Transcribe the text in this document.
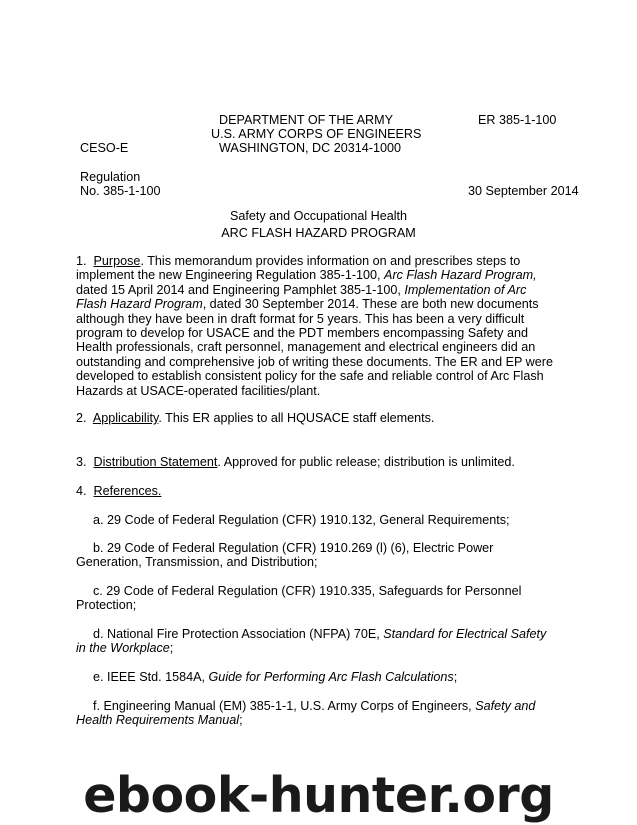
DEPARTMENT OF THE ARMY	ER 385-1-100
U.S. ARMY CORPS OF ENGINEERS
CESO-E	WASHINGTON, DC 20314-1000
Regulation
No. 385-1-100	30 September 2014
Safety and Occupational Health
ARC FLASH HAZARD PROGRAM
1. Purpose. This memorandum provides information on and prescribes steps to implement the new Engineering Regulation 385-1-100, Arc Flash Hazard Program, dated 15 April 2014 and Engineering Pamphlet 385-1-100, Implementation of Arc Flash Hazard Program, dated 30 September 2014. These are both new documents although they have been in draft format for 5 years. This has been a very difficult program to develop for USACE and the PDT members encompassing Safety and Health professionals, craft personnel, management and electrical engineers did an outstanding and comprehensive job of writing these documents. The ER and EP were developed to establish consistent policy for the safe and reliable control of Arc Flash Hazards at USACE-operated facilities/plant.
2. Applicability. This ER applies to all HQUSACE staff elements.
3. Distribution Statement. Approved for public release; distribution is unlimited.
4. References.
a. 29 Code of Federal Regulation (CFR) 1910.132, General Requirements;
b. 29 Code of Federal Regulation (CFR) 1910.269 (l) (6), Electric Power Generation, Transmission, and Distribution;
c. 29 Code of Federal Regulation (CFR) 1910.335, Safeguards for Personnel Protection;
d. National Fire Protection Association (NFPA) 70E, Standard for Electrical Safety in the Workplace;
e. IEEE Std. 1584A, Guide for Performing Arc Flash Calculations;
f. Engineering Manual (EM) 385-1-1, U.S. Army Corps of Engineers, Safety and Health Requirements Manual;
ebook-hunter.org
